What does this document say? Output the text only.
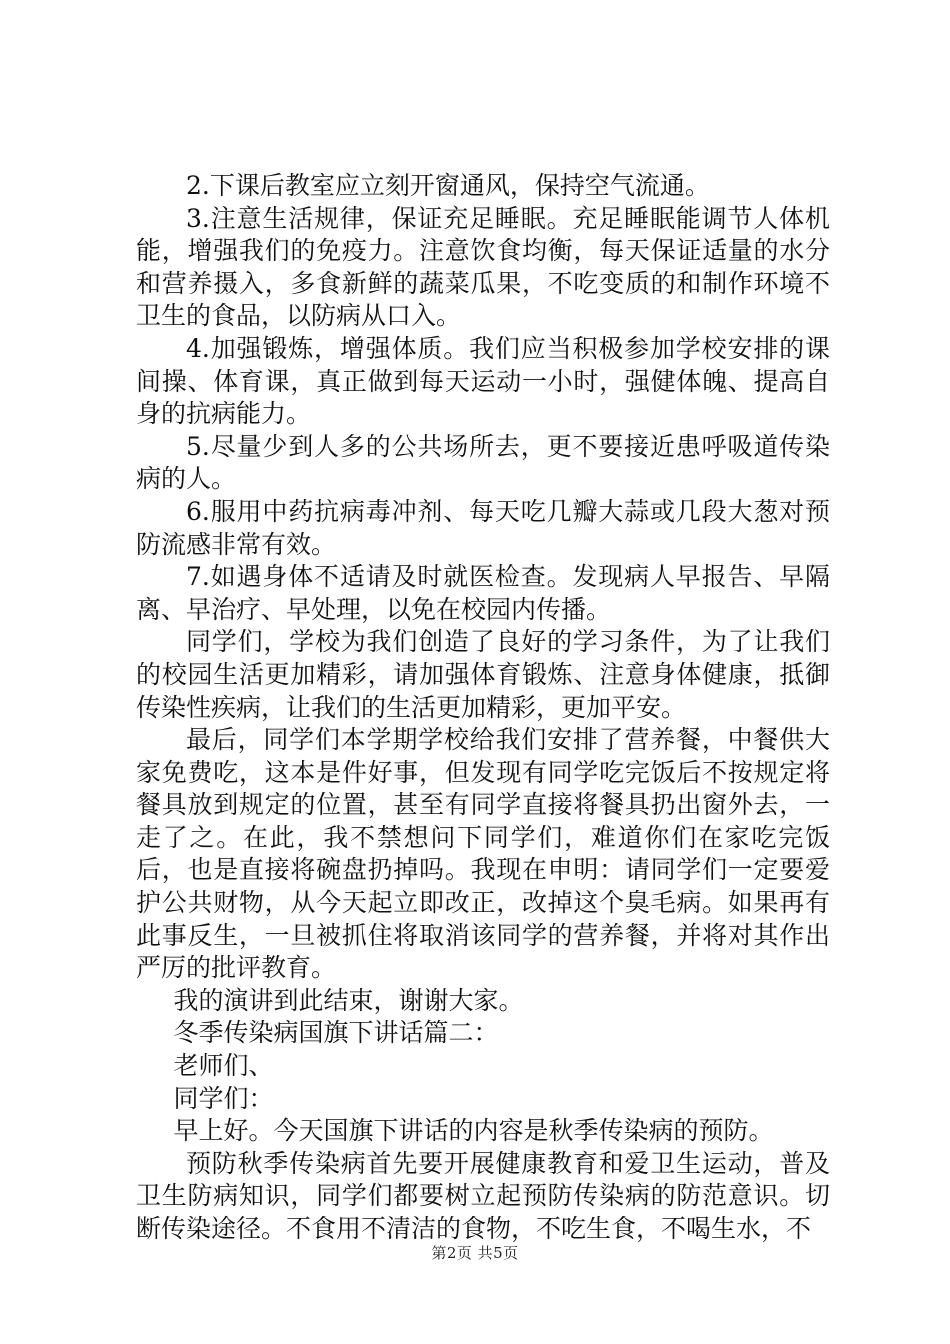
2.下课后教室应立刻开窗通风，保持空气流通。

3.注意生活规律，保证充足睡眠。充足睡眠能调节人体机能，增强我们的免疫力。注意饮食均衡，每天保证适量的水分和营养摄入，多食新鲜的蔬菜瓜果，不吃变质的和制作环境不卫生的食品，以防病从口入。

4.加强锻炼，增强体质。我们应当积极参加学校安排的课间操、体育课，真正做到每天运动一小时，强健体魄、提高自身的抗病能力。

5.尽量少到人多的公共场所去，更不要接近患呼吸道传染病的人。

6.服用中药抗病毒冲剂、每天吃几瓣大蒜或几段大葱对预防流感非常有效。

7.如遇身体不适请及时就医检查。发现病人早报告、早隔离、早治疗、早处理，以免在校园内传播。

同学们，学校为我们创造了良好的学习条件，为了让我们的校园生活更加精彩，请加强体育锻炼、注意身体健康，抵御传染性疾病，让我们的生活更加精彩，更加平安。

最后，同学们本学期学校给我们安排了营养餐，中餐供大家免费吃，这本是件好事，但发现有同学吃完饭后不按规定将餐具放到规定的位置，甚至有同学直接将餐具扔出窗外去，一走了之。在此，我不禁想问下同学们，难道你们在家吃完饭后，也是直接将碗盘扔掉吗。我现在申明：请同学们一定要爱护公共财物，从今天起立即改正，改掉这个臭毛病。如果再有此事反生，一旦被抓住将取消该同学的营养餐，并将对其作出严厉的批评教育。

我的演讲到此结束，谢谢大家。

冬季传染病国旗下讲话篇二：

老师们、

同学们：

早上好。今天国旗下讲话的内容是秋季传染病的预防。

预防秋季传染病首先要开展健康教育和爱卫生运动，普及卫生防病知识，同学们都要树立起预防传染病的防范意识。切断传染途径。不食用不清洁的食物，不吃生食，不喝生水，不

第2页 共5页
